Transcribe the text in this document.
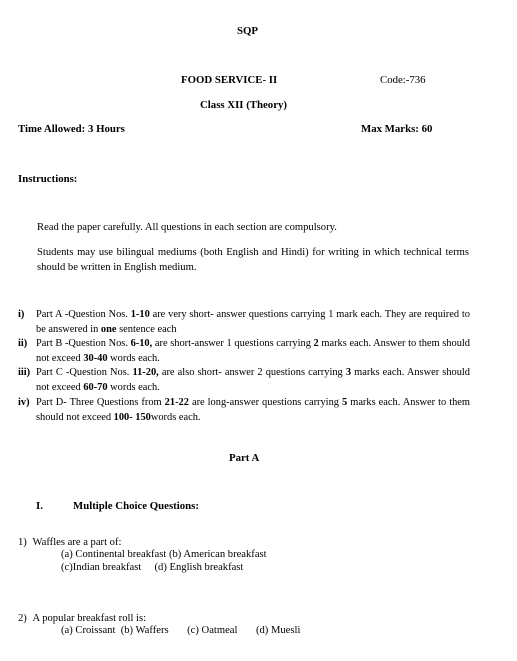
SQP
FOOD SERVICE- II	Code:-736
Class XII (Theory)
Time Allowed: 3 Hours	Max Marks: 60
Instructions:
Read the paper carefully. All questions in each section are compulsory.
Students may use bilingual mediums (both English and Hindi) for writing in which technical terms should be written in English medium.
i) Part A -Question Nos. 1-10 are very short- answer questions carrying 1 mark each. They are required to be answered in one sentence each
ii) Part B -Question Nos. 6-10, are short-answer 1 questions carrying 2 marks each. Answer to them should not exceed 30-40 words each.
iii) Part C -Question Nos. 11-20, are also short- answer 2 questions carrying 3 marks each. Answer should not exceed 60-70 words each.
iv) Part D- Three Questions from 21-22 are long-answer questions carrying 5 marks each. Answer to them should not exceed 100- 150words each.
Part A
I.	Multiple Choice Questions:
1) Waffles are a part of:
(a) Continental breakfast (b) American breakfast
(c)Indian breakfast     (d) English breakfast
2) A popular breakfast roll is:
(a) Croissant  (b) Waffers       (c) Oatmeal       (d) Muesli
